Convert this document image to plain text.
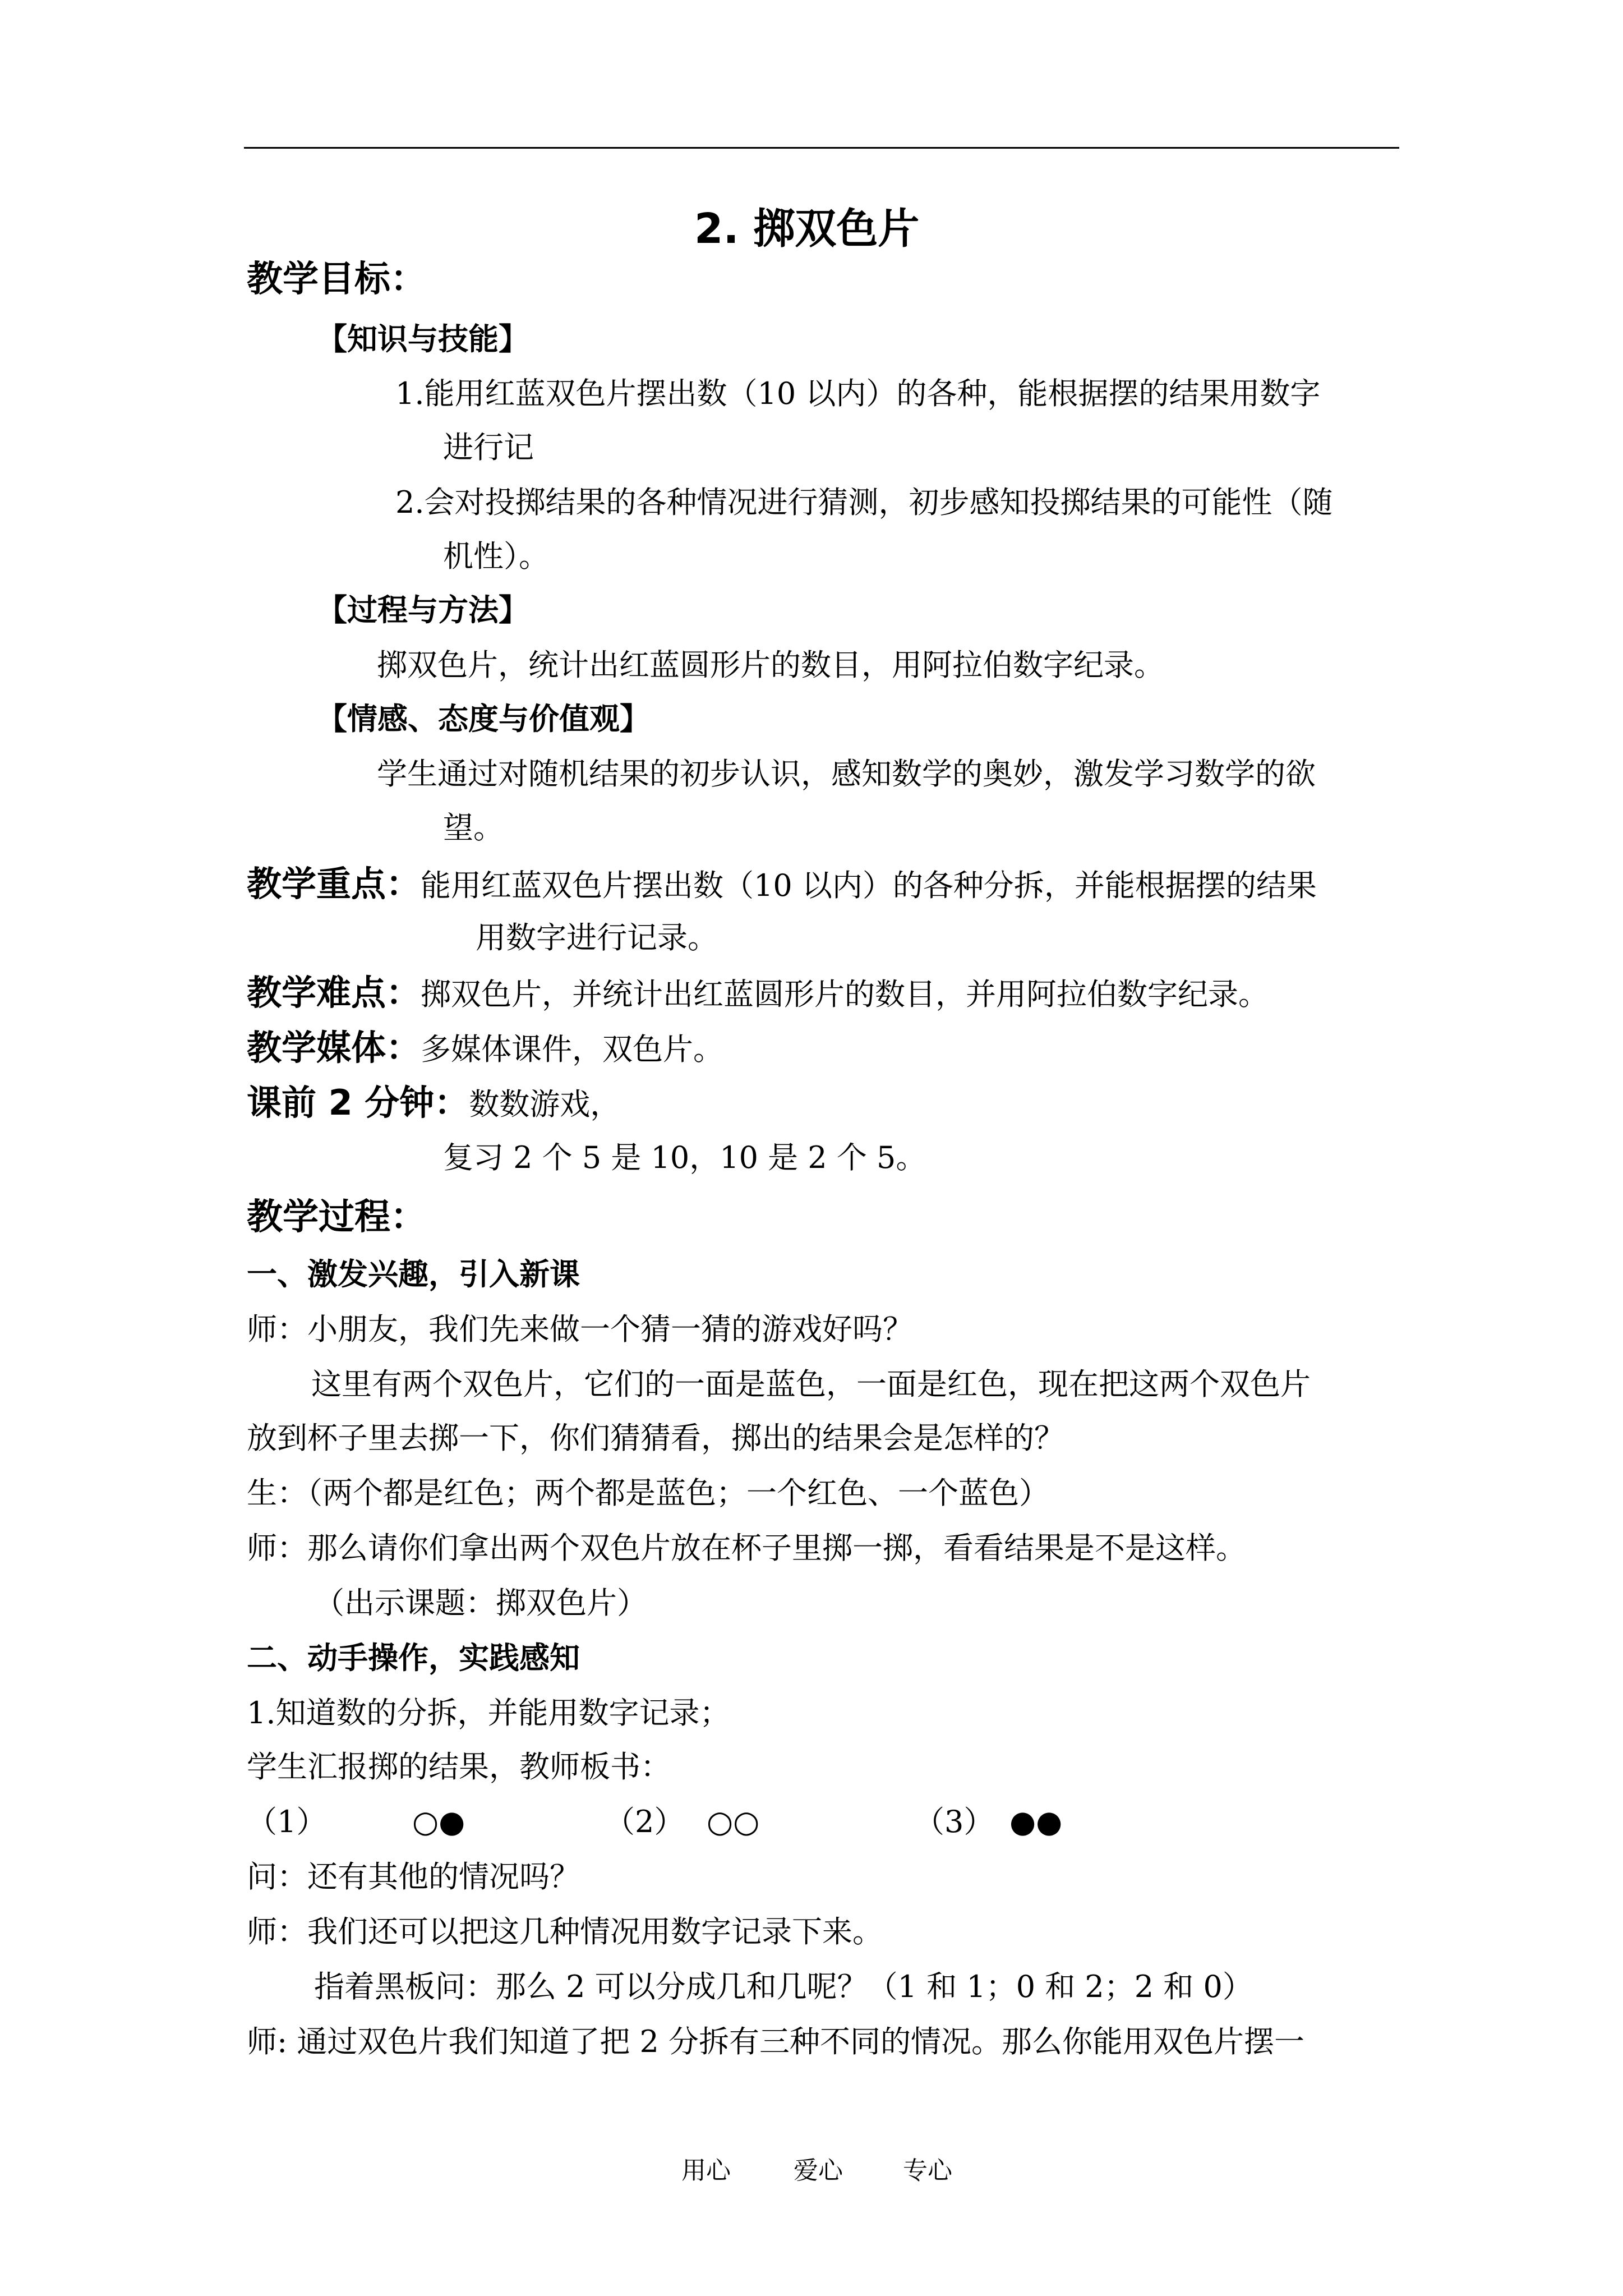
2. 掷双色片
教学目标：
【知识与技能】
1.能用红蓝双色片摆出数（10 以内）的各种，能根据摆的结果用数字
进行记
2.会对投掷结果的各种情况进行猜测，初步感知投掷结果的可能性（随
机性）。
【过程与方法】
掷双色片，统计出红蓝圆形片的数目，用阿拉伯数字纪录。
【情感、态度与价值观】
学生通过对随机结果的初步认识，感知数学的奥妙，激发学习数学的欲
望。
教学重点：能用红蓝双色片摆出数（10 以内）的各种分拆，并能根据摆的结果
用数字进行记录。
教学难点：掷双色片，并统计出红蓝圆形片的数目，并用阿拉伯数字纪录。
教学媒体：多媒体课件，双色片。
课前 2 分钟：数数游戏，
复习 2 个 5 是 10，10 是 2 个 5。
教学过程：
一、激发兴趣，引入新课
师：小朋友，我们先来做一个猜一猜的游戏好吗？
这里有两个双色片，它们的一面是蓝色，一面是红色，现在把这两个双色片
放到杯子里去掷一下，你们猜猜看，掷出的结果会是怎样的？
生：（两个都是红色；两个都是蓝色；一个红色、一个蓝色）
师：那么请你们拿出两个双色片放在杯子里掷一掷，看看结果是不是这样。
（出示课题：掷双色片）
二、动手操作，实践感知
1.知道数的分拆，并能用数字记录；
学生汇报掷的结果，教师板书：
（1）	○●	（2） ○○	（3） ●●
问：还有其他的情况吗？
师：我们还可以把这几种情况用数字记录下来。
指着黑板问：那么 2 可以分成几和几呢？（1 和 1；0 和 2；2 和 0）
师: 通过双色片我们知道了把 2 分拆有三种不同的情况。那么你能用双色片摆一
用心	爱心 专心
